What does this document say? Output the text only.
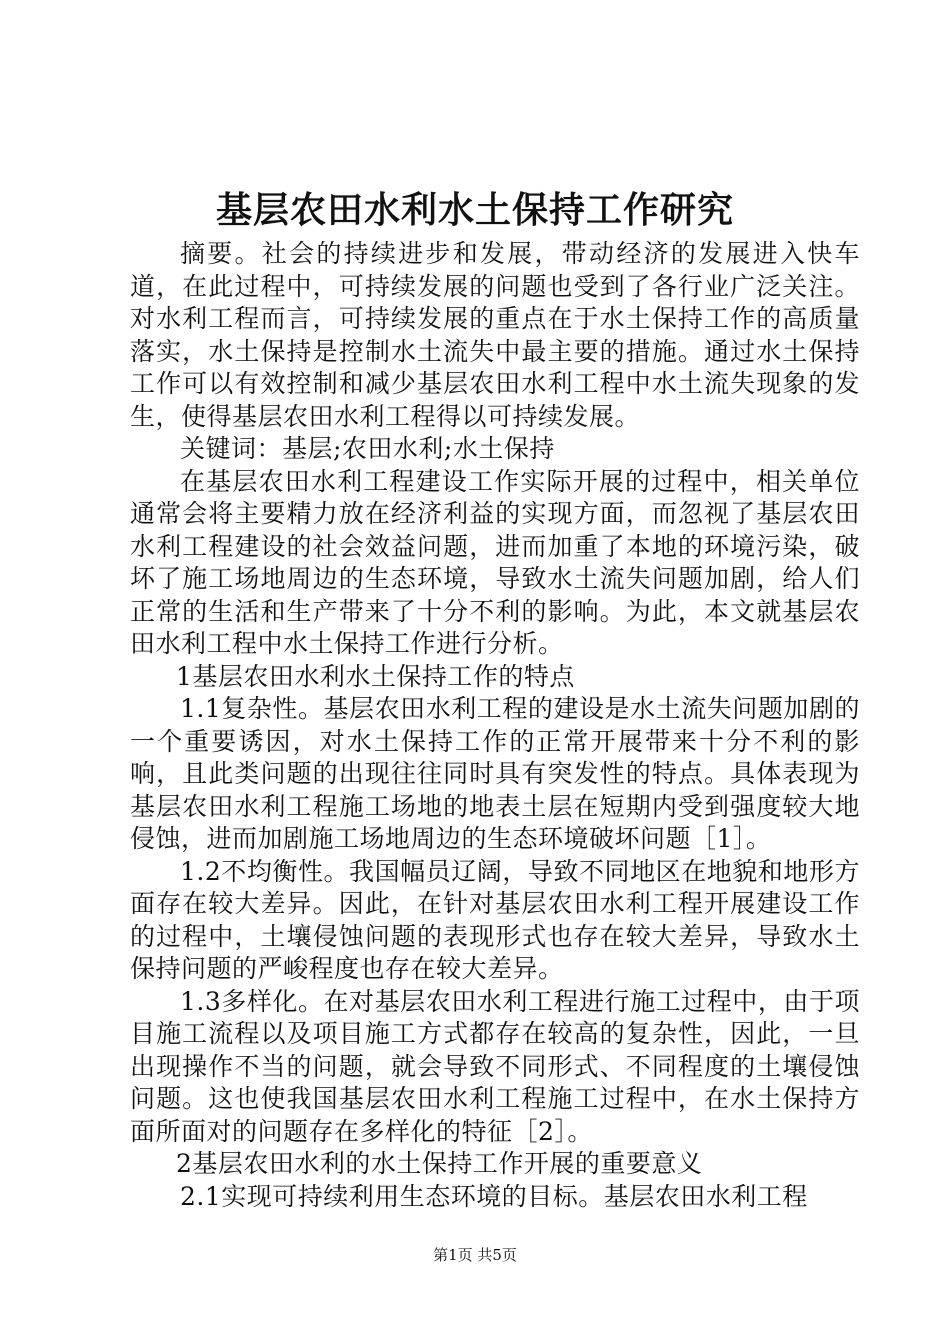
基层农田水利水土保持工作研究

摘要。社会的持续进步和发展，带动经济的发展进入快车道，在此过程中，可持续发展的问题也受到了各行业广泛关注。对水利工程而言，可持续发展的重点在于水土保持工作的高质量落实，水土保持是控制水土流失中最主要的措施。通过水土保持工作可以有效控制和减少基层农田水利工程中水土流失现象的发生，使得基层农田水利工程得以可持续发展。

关键词：基层;农田水利;水土保持

在基层农田水利工程建设工作实际开展的过程中，相关单位通常会将主要精力放在经济利益的实现方面，而忽视了基层农田水利工程建设的社会效益问题，进而加重了本地的环境污染，破坏了施工场地周边的生态环境，导致水土流失问题加剧，给人们正常的生活和生产带来了十分不利的影响。为此，本文就基层农田水利工程中水土保持工作进行分析。

1基层农田水利水土保持工作的特点

1.1复杂性。基层农田水利工程的建设是水土流失问题加剧的一个重要诱因，对水土保持工作的正常开展带来十分不利的影响，且此类问题的出现往往同时具有突发性的特点。具体表现为基层农田水利工程施工场地的地表土层在短期内受到强度较大地侵蚀，进而加剧施工场地周边的生态环境破坏问题［1］。

1.2不均衡性。我国幅员辽阔，导致不同地区在地貌和地形方面存在较大差异。因此，在针对基层农田水利工程开展建设工作的过程中，土壤侵蚀问题的表现形式也存在较大差异，导致水土保持问题的严峻程度也存在较大差异。

1.3多样化。在对基层农田水利工程进行施工过程中，由于项目施工流程以及项目施工方式都存在较高的复杂性，因此，一旦出现操作不当的问题，就会导致不同形式、不同程度的土壤侵蚀问题。这也使我国基层农田水利工程施工过程中，在水土保持方面所面对的问题存在多样化的特征［2］。

2基层农田水利的水土保持工作开展的重要意义

2.1实现可持续利用生态环境的目标。基层农田水利工程

第1页 共5页
